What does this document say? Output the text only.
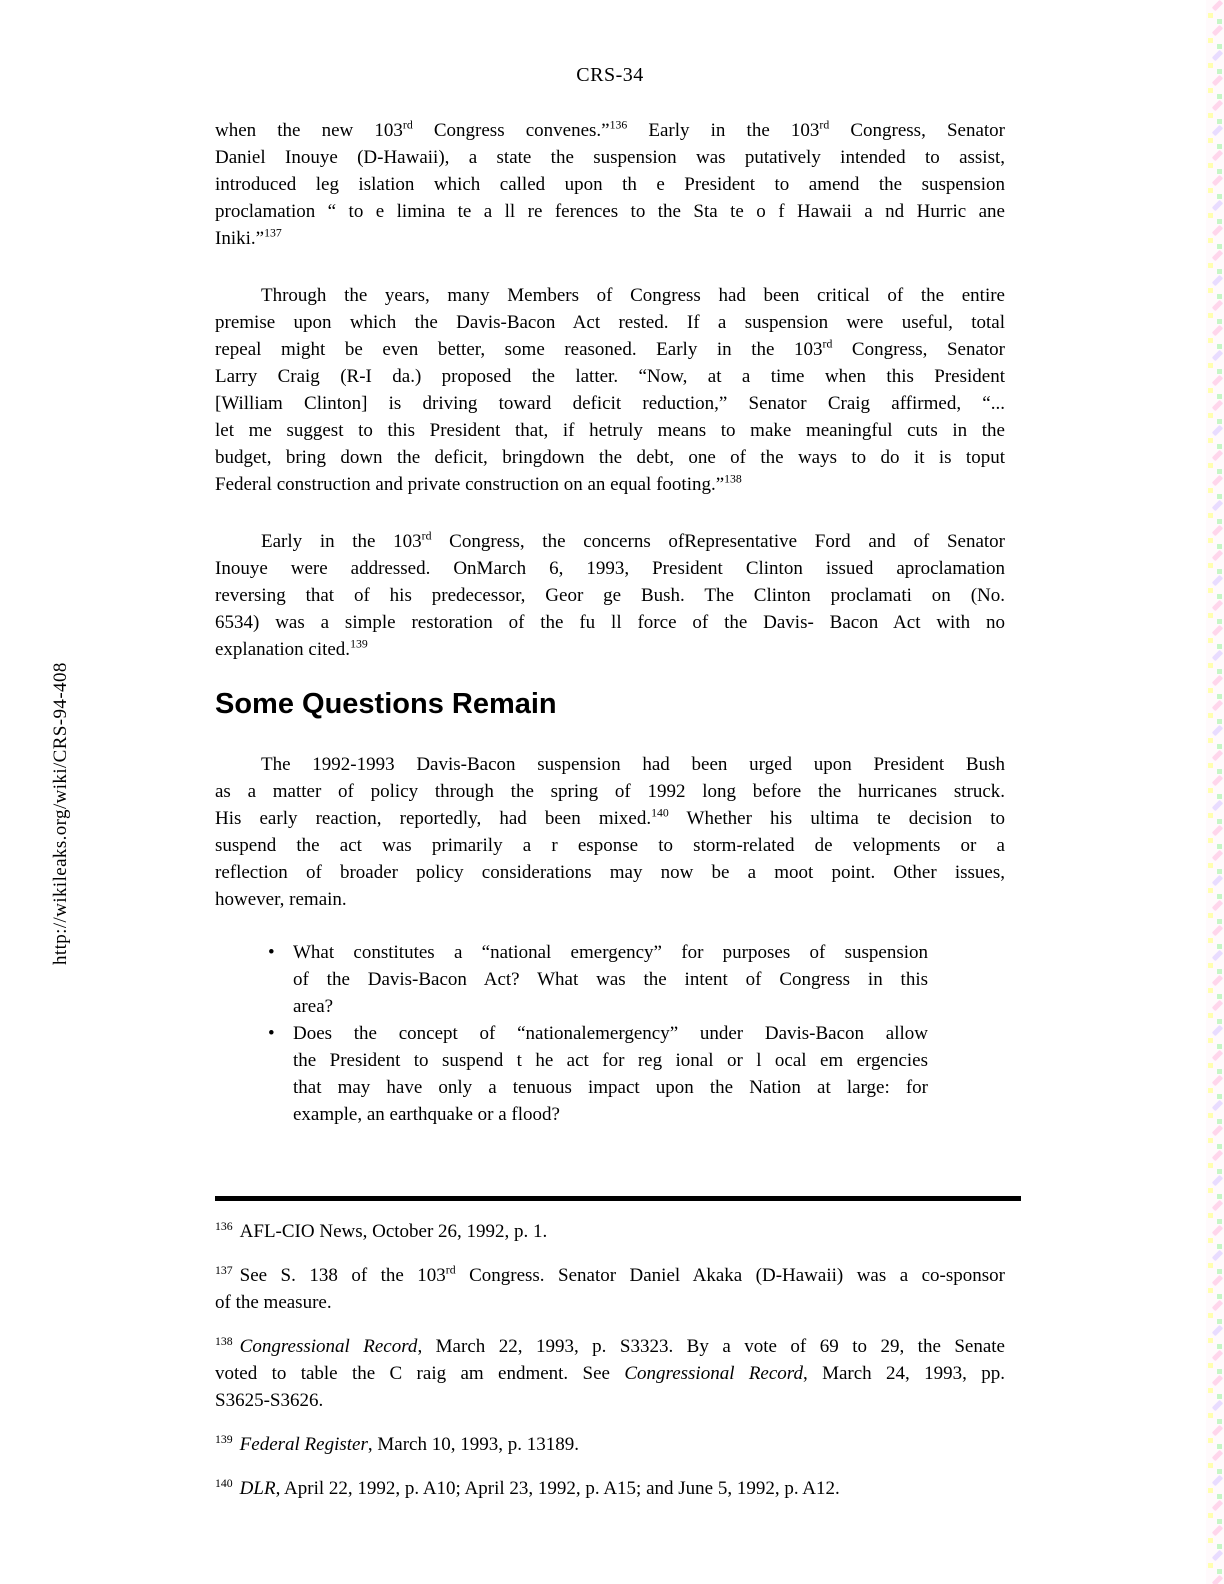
http://wikileaks.org/wiki/CRS-94-408
CRS-34
when the new 103rd Congress convenes.”$^{136}$ Early in the 103rd Congress, Senator
Daniel Inouye (D-Hawaii), a state the suspension was putatively intended to assist,
introduced leg islation which called upon th e President to amend the suspension
proclamation “ to e limina te a ll re ferences to the Sta te o f Hawaii a nd Hurric ane
Iniki.”$^{137}$
Through the years, many Members of Congress had been critical of the entire
premise upon which the Davis-Bacon Act rested. If a suspension were useful, total
repeal might be even better, some reasoned. Early in the 103rd Congress, Senator
Larry Craig (R-I da.) proposed the latter. “Now, at a time when this President
[William Clinton] is driving toward deficit reduction,” Senator Craig affirmed, “...
let me suggest to this President that, if hetruly means to make meaningful cuts in the
budget, bring down the deficit, bringdown the debt, one of the ways to do it is toput
Federal construction and private construction on an equal footing.”$^{138}$
Early in the 103rd Congress, the concerns ofRepresentative Ford and of Senator
Inouye were addressed. OnMarch 6, 1993, President Clinton issued aproclamation
reversing that of his predecessor, Geor ge Bush. The Clinton proclamati on (No.
6534) was a simple restoration of the fu ll force of the Davis- Bacon Act with no
explanation cited.$^{139}$
Some Questions Remain
The 1992-1993 Davis-Bacon suspension had been urged upon President Bush
as a matter of policy through the spring of 1992 long before the hurricanes struck.
His early reaction, reportedly, had been mixed.$^{140}$ Whether his ultima te decision to
suspend the act was primarily a r esponse to storm-related de velopments or a
reflection of broader policy considerations may now be a moot point. Other issues,
however, remain.
• What constitutes a “national emergency” for purposes of suspension
of the Davis-Bacon Act? What was the intent of Congress in this
area?
• Does the concept of “nationalemergency” under Davis-Bacon allow
the President to suspend t he act for reg ional or l ocal em ergencies
that may have only a tenuous impact upon the Nation at large: for
example, an earthquake or a flood?
$^{136}$ AFL-CIO News, October 26, 1992, p. 1.
$^{137}$ See S. 138 of the 103rd Congress. Senator Daniel Akaka (D-Hawaii) was a co-sponsor
of the measure.
$^{138}$ Congressional Record, March 22, 1993, p. S3323. By a vote of 69 to 29, the Senate
voted to table the C raig am endment. See Congressional Record, March 24, 1993, pp.
S3625-S3626.
$^{139}$ Federal Register, March 10, 1993, p. 13189.
$^{140}$ DLR, April 22, 1992, p. A10; April 23, 1992, p. A15; and June 5, 1992, p. A12.
